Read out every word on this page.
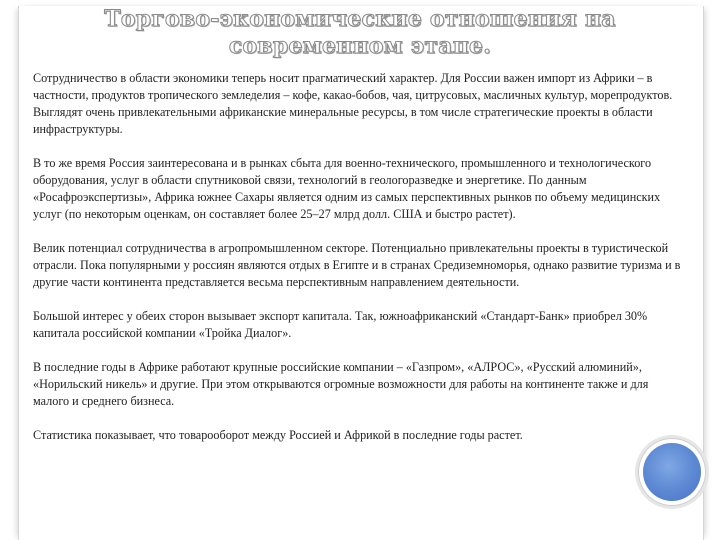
Торгово-экономические отношения на современном этапе.

Сотрудничество в области экономики теперь носит прагматический характер. Для России важен импорт из Африки – в частности, продуктов тропического земледелия – кофе, какао-бобов, чая, цитрусовых, масличных культур, морепродуктов. Выглядят очень привлекательными африканские минеральные ресурсы, в том числе стратегические проекты в области инфраструктуры.

В то же время Россия заинтересована и в рынках сбыта для военно-технического, промышленного и технологического оборудования, услуг в области спутниковой связи, технологий в геологоразведке и энергетике. По данным «Росафроэкспертизы», Африка южнее Сахары является одним из самых перспективных рынков по объему медицинских услуг (по некоторым оценкам, он составляет более 25–27 млрд долл. США и быстро растет).

Велик потенциал сотрудничества в агропромышленном секторе. Потенциально привлекательны проекты в туристической отрасли. Пока популярными у россиян являются отдых в Египте и в странах Средиземноморья, однако развитие туризма и в другие части континента представляется весьма перспективным направлением деятельности.

Большой интерес у обеих сторон вызывает экспорт капитала. Так, южноафриканский «Стандарт-Банк» приобрел 30% капитала российской компании «Тройка Диалог».

В последние годы в Африке работают крупные российские компании – «Газпром», «АЛРОС», «Русский алюминий», «Норильский никель» и другие. При этом открываются огромные возможности для работы на континенте также и для малого и среднего бизнеса.

Статистика показывает, что товарооборот между Россией и Африкой в последние годы растет.
